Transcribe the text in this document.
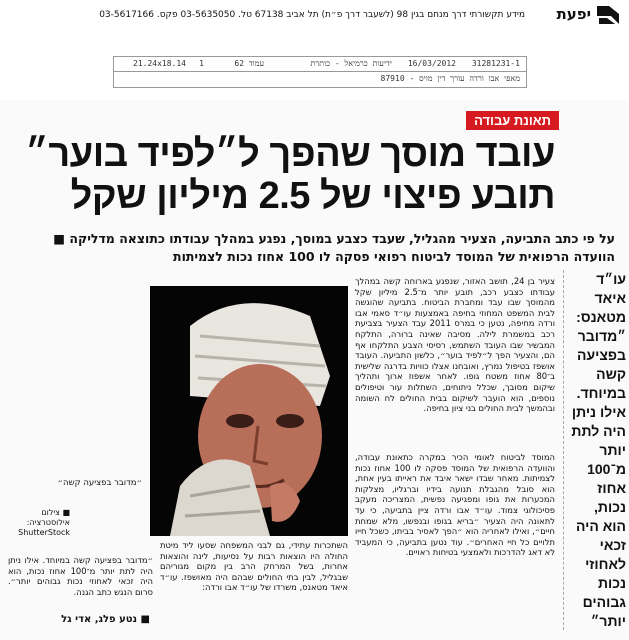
יפעת
מידע תקשורתי דרך מנחם בגין 98 (לשעבר דרך פ״ת) תל אביב 67138 טל. 03-5635050 פקס. 03-5617166
31281231-1
16/03/2012
ידיעות כרמיאל - כותרת
עמוד 62
1
21.24x18.14
מאפי אבו ורדה עורך דין מויס - 87910
תאונת עבודה
עובד מוסך שהפך ל״לפיד בוער״
תובע פיצוי של 2.5 מיליון שקל
על פי כתב התביעה, הצעיר מהגליל, שעבד כצבע במוסך, נפגע במהלך עבודתו כתוצאה מדליקה ■ הוועדה הרפואית של המוסד לביטוח רפואי פסקה לו 100 אחוז נכות לצמיתות
עו״ד איאד מטאנס: ״מדובר בפציעה קשה במיוחד. אילו ניתן היה לתת יותר מ־100 אחוז נכות, הוא היה זכאי לאחוזי נכות גבוהים יותר״
״מדובר בפציעה קשה״
■ צילום אילוסטרציה: ShutterStock
צעיר בן 24, תושב האזור, שנפגע בארוחה קשה במהלך עבודתו כצבע רכב, תובע יותר מ־2.5 מיליון שקל מהמוסך שבו עבד ומחברת הביטוח. בתביעה שהוגשה לבית המשפט המחוזי בחיפה באמצעות עו״ד סאמי אבו ורדה מחיפה, נטען כי במרס 2011 עבד הצעיר בצביעת רכב במשמרת לילה. מסיבה שאינה ברורה, התלקח המבשיר שבו העובד השתמש, רסיסי הצבע התלקחו אף הם, והצעיר הפך ל״לפיד בוער״, כלשון התביעה. העובד אושפז בטיפול נמרץ, ואובחנו אצלו כוויות בדרגה שלישית ב־80 אחוז משטח גופו. לאחר אשפוז ארוך ותהליך שיקום מסובך, שכלל ניתוחים, השתלות עור וטיפולים נוספים, הוא הועבר לשיקום בבית החולים לח השומה ובהמשך לבית החולים בני ציון בחיפה.
המוסד לביטוח לאומי הכיר במקרה כתאונת עבודה, והוועדה הרפואית של המוסד פסקה לו 100 אחוז נכות לצמיתות. מאחר שבדו ישאר איבד את ראייתו בעין אחת, הוא סובל מהגבלת תנועה בידיו וברגליו, מצלקות המכערות את גופו ומפגיעה נפשית, המצריכה מעקב פסיכולוגי צמוד. עו״ד אבו ורדה ציין בתביעה, כי עד לתאונה היה הצעיר ״בריא בגופו ובנפשו, מלא שמחת חיים״, ואילו לאחריה הוא ״הפך לאסיר בביתו, כשכל חייו תלויים כל חיי האחרים״. עוד נטען בתביעה, כי המעביד לא דאג להדרכות ולאמצעי בטיחות ראויים.
השתכרות עתידי, גם לבני המשפחה שסעו ליד מיטת החולה היו הוצאות רבות על נסיעות, לינה והוצאות אחרות, בשל המרחק הרב בין מקום מגוריהם שבגליל, לבין בתי החולים שבהם היה מאושפז. עו״ד איאד מטאנס, משרדו של עו״ד אבו ורדה:
״מדובר בפציעה קשה במיוחד. אילו ניתן היה לתת יותר מ־100 אחוז נכות, הוא היה זכאי לאחוזי נכות גבוהים יותר״. סרום הנגש כתב הגנה.
■ נטע פלג, אדי גל
